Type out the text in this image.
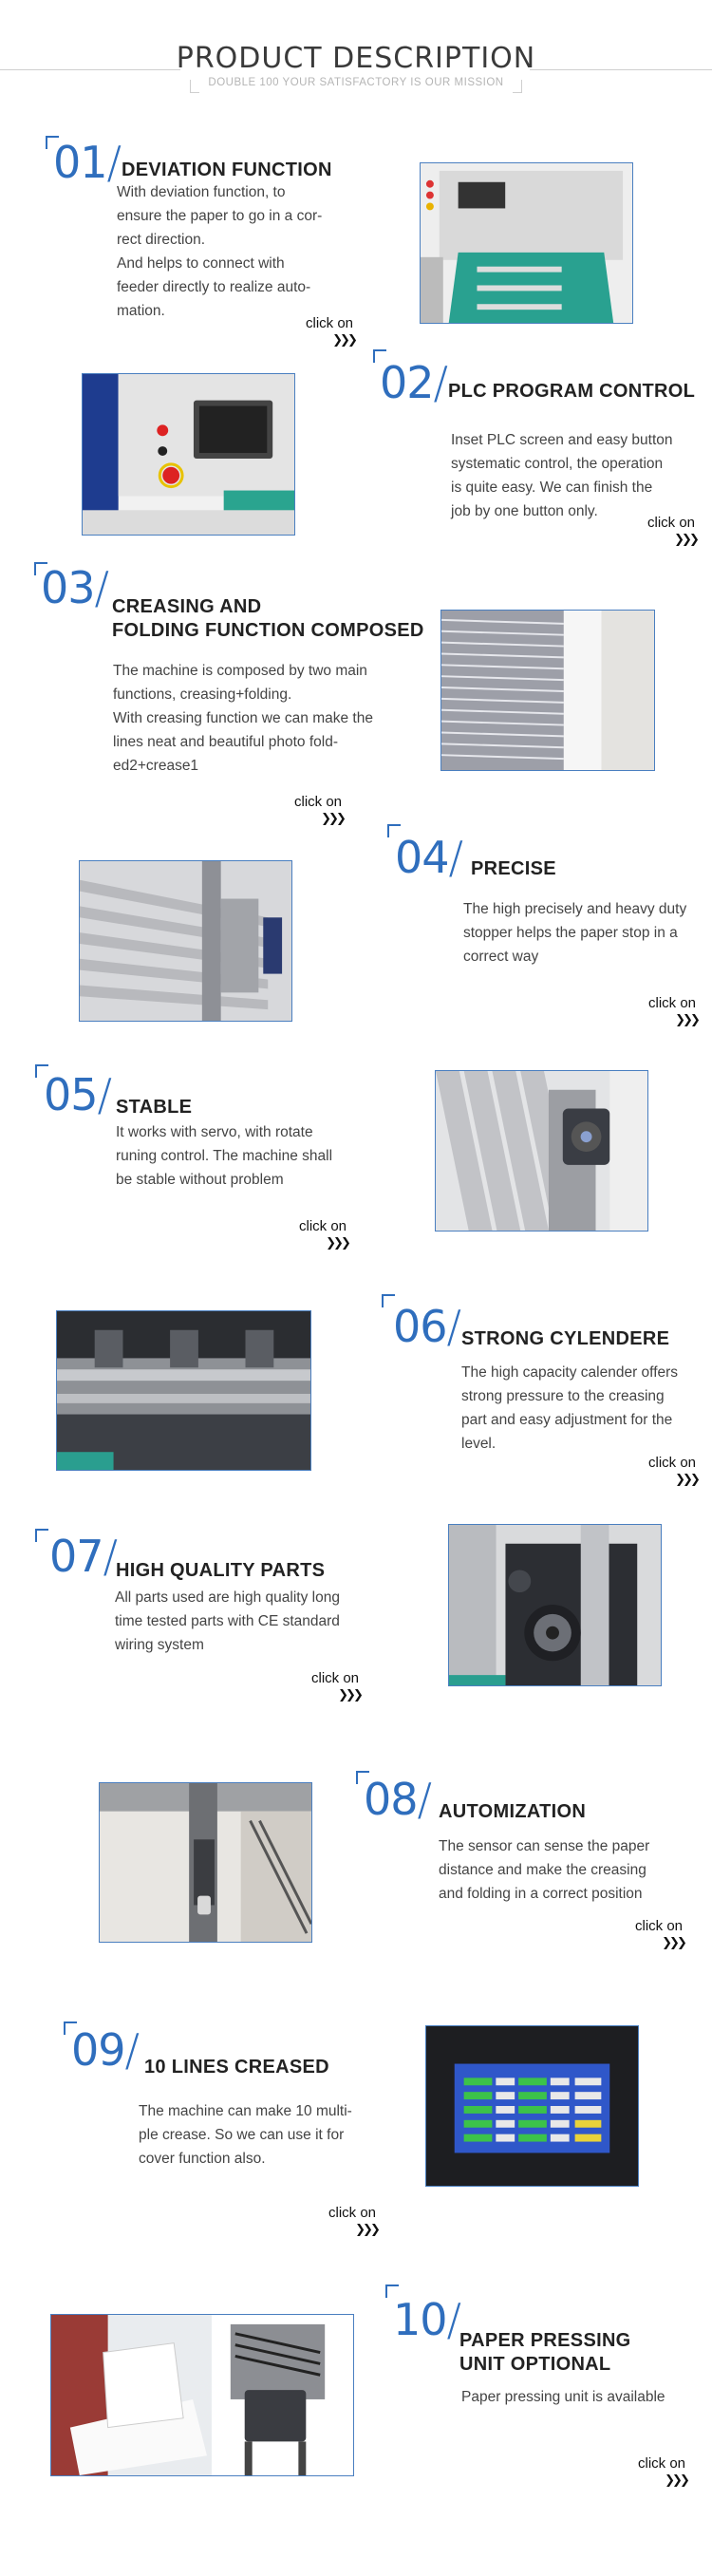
PRODUCT DESCRIPTION
DOUBLE 100 YOUR SATISFACTORY IS OUR MISSION
01/ DEVIATION FUNCTION
With deviation function, to
ensure the paper to go in a cor-
rect direction.
And helps to connect with
feeder directly to realize auto-
mation.
click on
❯❯❯
02/ PLC PROGRAM CONTROL
Inset PLC screen and easy button
systematic control, the operation
is quite easy. We can finish the
job by one button only.
click on
❯❯❯
03/ CREASING AND
FOLDING FUNCTION COMPOSED
The machine is composed by two main
functions, creasing+folding.
With creasing function we can make the
lines neat and beautiful photo fold-
ed2+crease1
click on
❯❯❯
04/ PRECISE
The high precisely and heavy duty
stopper helps the paper stop in a
correct way
click on
❯❯❯
05/ STABLE
It works with servo, with rotate
runing control. The machine shall
be stable without problem
click on
❯❯❯
06/ STRONG CYLENDERE
The high capacity calender offers
strong pressure to the creasing
part and easy adjustment for the
level.
click on
❯❯❯
07/
HIGH QUALITY PARTS
All parts used are high quality long
time tested parts with CE standard
wiring system
click on
❯❯❯
08/ AUTOMIZATION
The sensor can sense the paper
distance and make the creasing
and folding in a correct position
click on
❯❯❯
09/ 10 LINES CREASED
The machine can make 10 multi-
ple crease. So we can use it for
cover function also.
click on
❯❯❯
10/
PAPER PRESSING
UNIT OPTIONAL
Paper pressing unit is available
click on
❯❯❯
